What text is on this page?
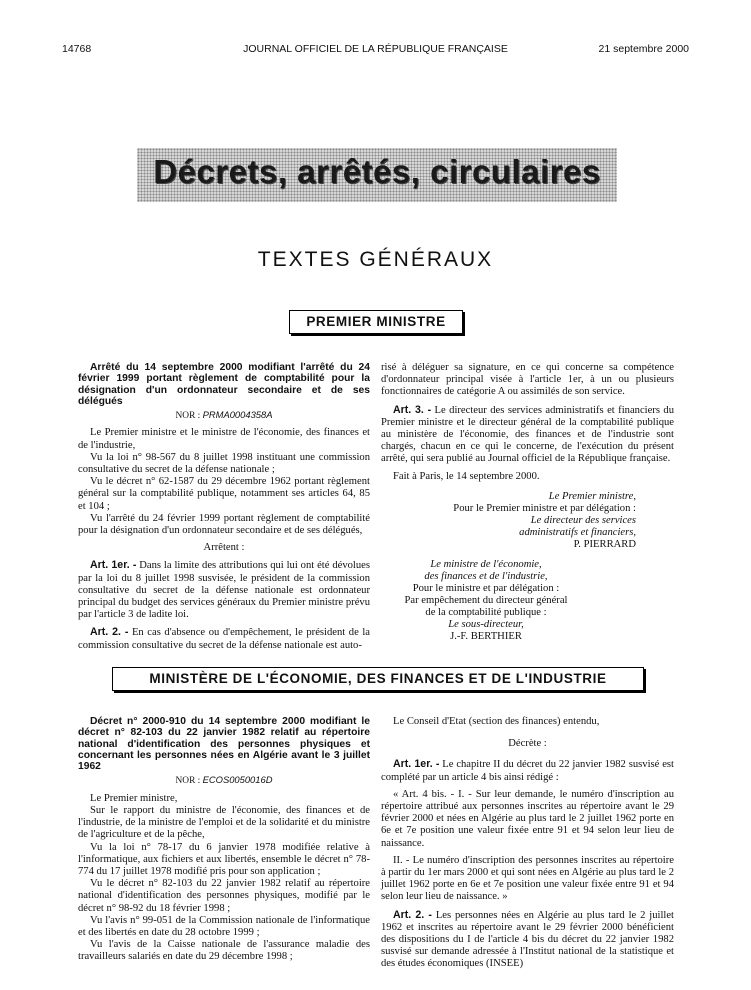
14768	JOURNAL OFFICIEL DE LA RÉPUBLIQUE FRANÇAISE	21 septembre 2000
Décrets, arrêtés, circulaires
TEXTES GÉNÉRAUX
PREMIER MINISTRE

Arrêté du 14 septembre 2000 modifiant l'arrêté du 24 février 1999 portant règlement de comptabilité pour la désignation d'un ordonnateur secondaire et de ses délégués

NOR : PRMA0004358A

Le Premier ministre et le ministre de l'économie, des finances et de l'industrie,

Vu la loi n° 98-567 du 8 juillet 1998 instituant une commission consultative du secret de la défense nationale ;

Vu le décret n° 62-1587 du 29 décembre 1962 portant règlement général sur la comptabilité publique, notamment ses articles 64, 85 et 104 ;

Vu l'arrêté du 24 février 1999 portant règlement de comptabilité pour la désignation d'un ordonnateur secondaire et de ses délégués,

Arrêtent :

Art. 1er. - Dans la limite des attributions qui lui ont été dévolues par la loi du 8 juillet 1998 susvisée, le président de la commission consultative du secret de la défense nationale est ordonnateur principal du budget des services généraux du Premier ministre prévu par l'article 3 de ladite loi.

Art. 2. - En cas d'absence ou d'empêchement, le président de la commission consultative du secret de la défense nationale est auto-

risé à déléguer sa signature, en ce qui concerne sa compétence d'ordonnateur principal visée à l'article 1er, à un ou plusieurs fonctionnaires de catégorie A ou assimilés de son service.

Art. 3. - Le directeur des services administratifs et financiers du Premier ministre et le directeur général de la comptabilité publique au ministère de l'économie, des finances et de l'industrie sont chargés, chacun en ce qui le concerne, de l'exécution du présent arrêté, qui sera publié au Journal officiel de la République française.

Fait à Paris, le 14 septembre 2000.

Le Premier ministre,
Pour le Premier ministre et par délégation :
Le directeur des services
administratifs et financiers,
P. PIERRARD
Le ministre de l'économie,
des finances et de l'industrie,
Pour le ministre et par délégation :
Par empêchement du directeur général
de la comptabilité publique :
Le sous-directeur,
J.-F. BERTHIER
MINISTÈRE DE L'ÉCONOMIE, DES FINANCES ET DE L'INDUSTRIE

Décret n° 2000-910 du 14 septembre 2000 modifiant le décret n° 82-103 du 22 janvier 1982 relatif au répertoire national d'identification des personnes physiques et concernant les personnes nées en Algérie avant le 3 juillet 1962

NOR : ECOS0050016D

Le Premier ministre,

Sur le rapport du ministre de l'économie, des finances et de l'industrie, de la ministre de l'emploi et de la solidarité et du ministre de l'agriculture et de la pêche,

Vu la loi n° 78-17 du 6 janvier 1978 modifiée relative à l'informatique, aux fichiers et aux libertés, ensemble le décret n° 78-774 du 17 juillet 1978 modifié pris pour son application ;

Vu le décret n° 82-103 du 22 janvier 1982 relatif au répertoire national d'identification des personnes physiques, modifié par le décret n° 98-92 du 18 février 1998 ;

Vu l'avis n° 99-051 de la Commission nationale de l'informatique et des libertés en date du 28 octobre 1999 ;

Vu l'avis de la Caisse nationale de l'assurance maladie des travailleurs salariés en date du 29 décembre 1998 ;

Le Conseil d'Etat (section des finances) entendu,

Décrète :

Art. 1er. - Le chapitre II du décret du 22 janvier 1982 susvisé est complété par un article 4 bis ainsi rédigé :

« Art. 4 bis. - I. - Sur leur demande, le numéro d'inscription au répertoire attribué aux personnes inscrites au répertoire avant le 29 février 2000 et nées en Algérie au plus tard le 2 juillet 1962 porte en 6e et 7e position une valeur fixée entre 91 et 94 selon leur lieu de naissance.

II. - Le numéro d'inscription des personnes inscrites au répertoire à partir du 1er mars 2000 et qui sont nées en Algérie au plus tard le 2 juillet 1962 porte en 6e et 7e position une valeur fixée entre 91 et 94 selon leur lieu de naissance. »

Art. 2. - Les personnes nées en Algérie au plus tard le 2 juillet 1962 et inscrites au répertoire avant le 29 février 2000 bénéficient des dispositions du I de l'article 4 bis du décret du 22 janvier 1982 susvisé sur demande adressée à l'Institut national de la statistique et des études économiques (INSEE)
